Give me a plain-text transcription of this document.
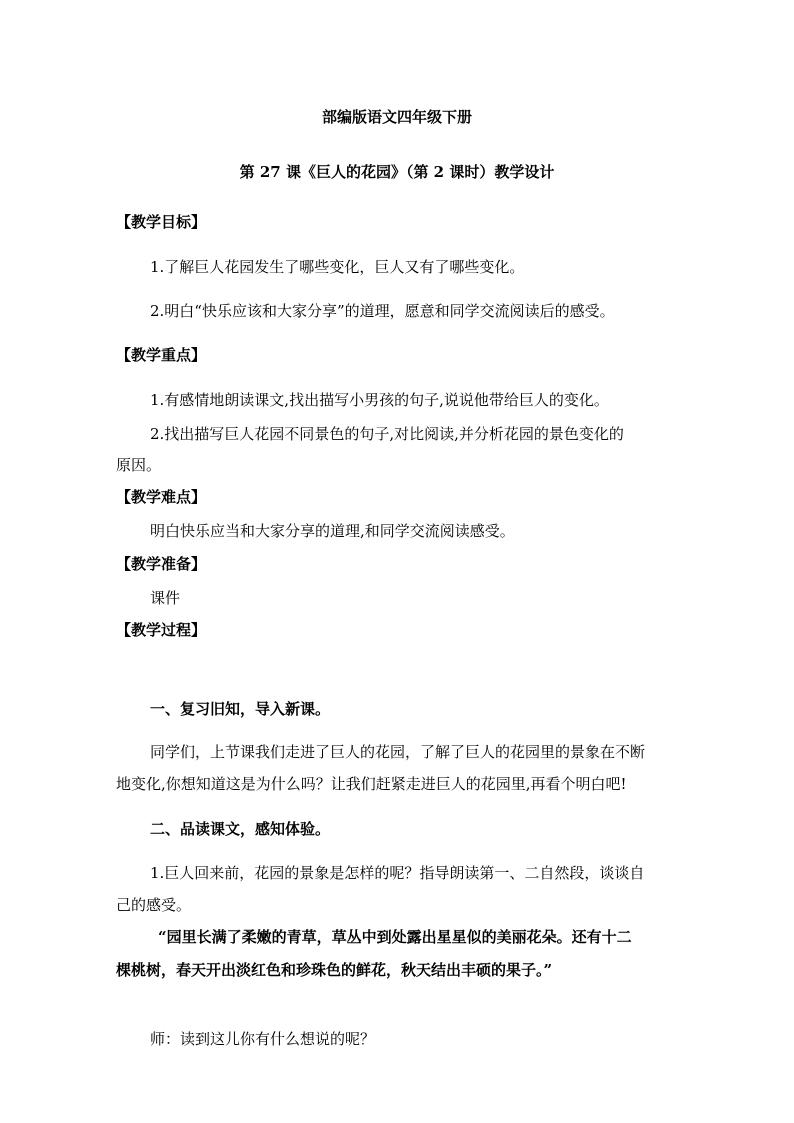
部编版语文四年级下册
第 27 课《巨人的花园》（第 2 课时）教学设计
【教学目标】
1.了解巨人花园发生了哪些变化，巨人又有了哪些变化。
2.明白“快乐应该和大家分享”的道理，愿意和同学交流阅读后的感受。
【教学重点】
1.有感情地朗读课文,找出描写小男孩的句子,说说他带给巨人的变化。
2.找出描写巨人花园不同景色的句子,对比阅读,并分析花园的景色变化的
原因。
【教学难点】
明白快乐应当和大家分享的道理,和同学交流阅读感受。
【教学准备】
课件
【教学过程】
一、复习旧知，导入新课。
同学们，上节课我们走进了巨人的花园，了解了巨人的花园里的景象在不断
地变化,你想知道这是为什么吗？让我们赶紧走进巨人的花园里,再看个明白吧!
二、品读课文，感知体验。
1.巨人回来前，花园的景象是怎样的呢？指导朗读第一、二自然段，谈谈自
己的感受。
“园里长满了柔嫩的青草，草丛中到处露出星星似的美丽花朵。还有十二
棵桃树，春天开出淡红色和珍珠色的鲜花，秋天结出丰硕的果子。”
师：读到这儿你有什么想说的呢？
